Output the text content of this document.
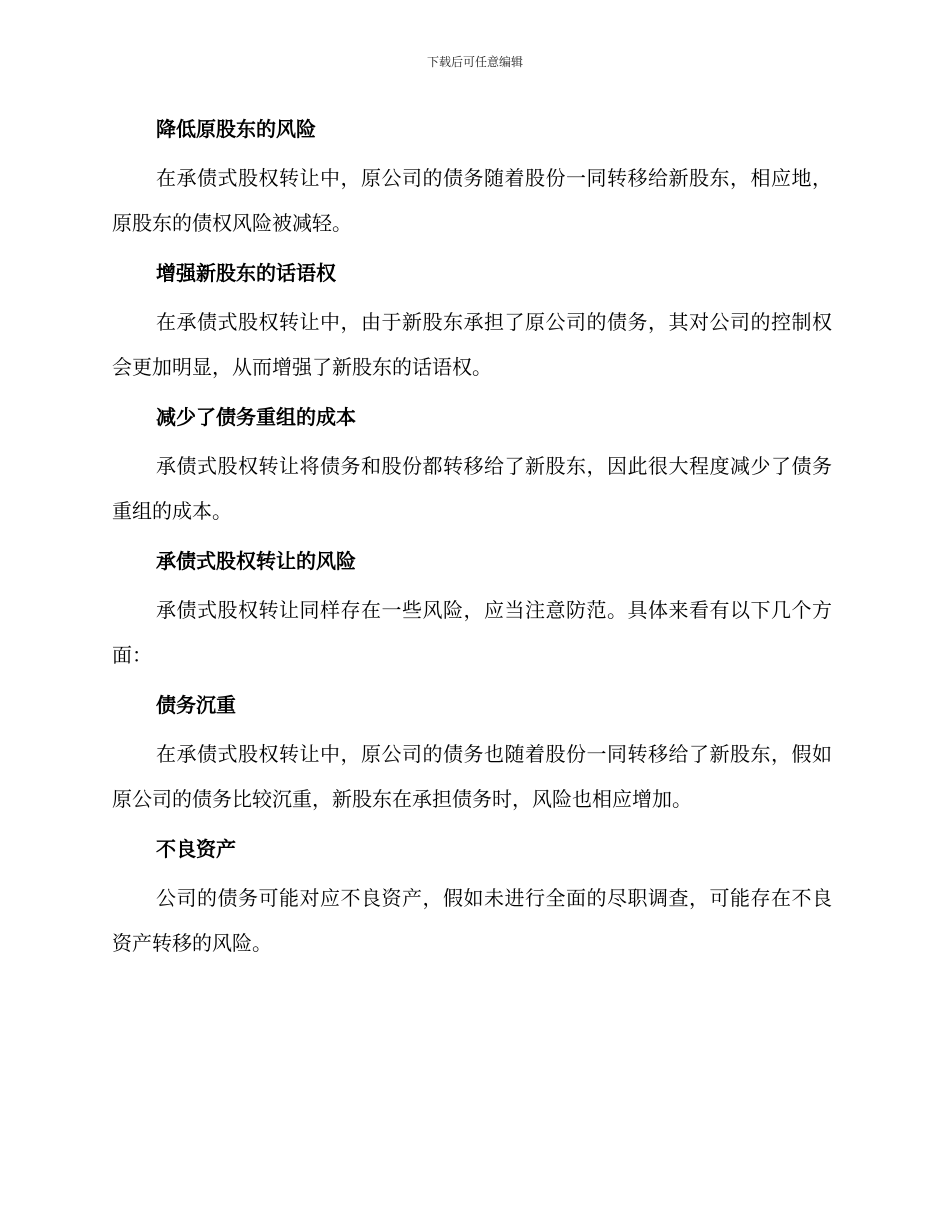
下载后可任意编辑
降低原股东的风险
在承债式股权转让中，原公司的债务随着股份一同转移给新股东，相应地，原股东的债权风险被减轻。
增强新股东的话语权
在承债式股权转让中，由于新股东承担了原公司的债务，其对公司的控制权会更加明显，从而增强了新股东的话语权。
减少了债务重组的成本
承债式股权转让将债务和股份都转移给了新股东，因此很大程度减少了债务重组的成本。
承债式股权转让的风险
承债式股权转让同样存在一些风险，应当注意防范。具体来看有以下几个方面：
债务沉重
在承债式股权转让中，原公司的债务也随着股份一同转移给了新股东，假如原公司的债务比较沉重，新股东在承担债务时，风险也相应增加。
不良资产
公司的债务可能对应不良资产，假如未进行全面的尽职调查，可能存在不良资产转移的风险。
